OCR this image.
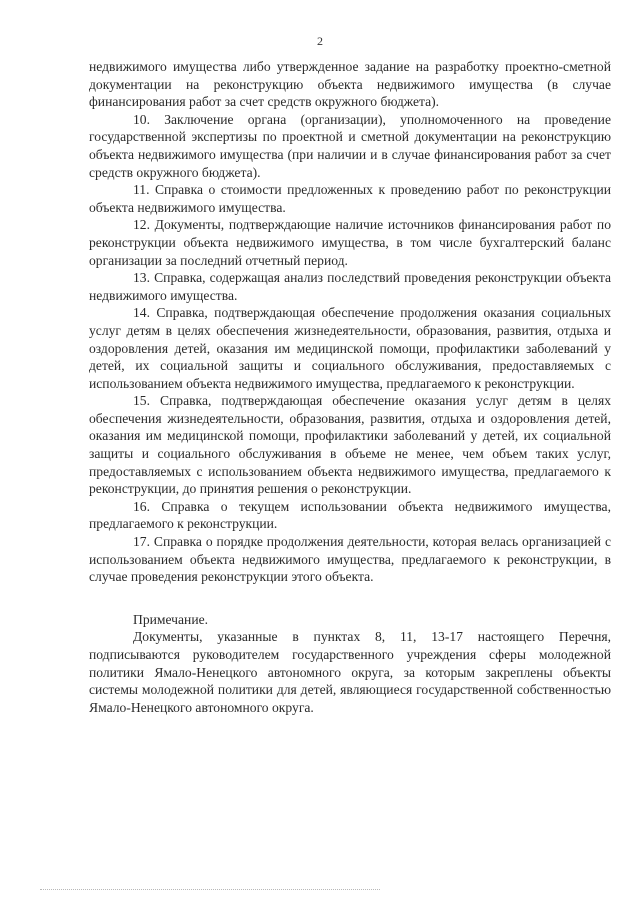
2

недвижимого имущества либо утвержденное задание на разработку проектно-сметной документации на реконструкцию объекта недвижимого имущества (в случае финансирования работ за счет средств окружного бюджета).

10. Заключение органа (организации), уполномоченного на проведение государственной экспертизы по проектной и сметной документации на реконструкцию объекта недвижимого имущества (при наличии и в случае финансирования работ за счет средств окружного бюджета).

11. Справка о стоимости предложенных к проведению работ по реконструкции объекта недвижимого имущества.

12. Документы, подтверждающие наличие источников финансирования работ по реконструкции объекта недвижимого имущества, в том числе бухгалтерский баланс организации за последний отчетный период.

13. Справка, содержащая анализ последствий проведения реконструкции объекта недвижимого имущества.

14. Справка, подтверждающая обеспечение продолжения оказания социальных услуг детям в целях обеспечения жизнедеятельности, образования, развития, отдыха и оздоровления детей, оказания им медицинской помощи, профилактики заболеваний у детей, их социальной защиты и социального обслуживания, предоставляемых с использованием объекта недвижимого имущества, предлагаемого к реконструкции.

15. Справка, подтверждающая обеспечение оказания услуг детям в целях обеспечения жизнедеятельности, образования, развития, отдыха и оздоровления детей, оказания им медицинской помощи, профилактики заболеваний у детей, их социальной защиты и социального обслуживания в объеме не менее, чем объем таких услуг, предоставляемых с использованием объекта недвижимого имущества, предлагаемого к реконструкции, до принятия решения о реконструкции.

16. Справка о текущем использовании объекта недвижимого имущества, предлагаемого к реконструкции.

17. Справка о порядке продолжения деятельности, которая велась организацией с использованием объекта недвижимого имущества, предлагаемого к реконструкции, в случае проведения реконструкции этого объекта.

Примечание.

Документы, указанные в пунктах 8, 11, 13-17 настоящего Перечня, подписываются руководителем государственного учреждения сферы молодежной политики Ямало-Ненецкого автономного округа, за которым закреплены объекты системы молодежной политики для детей, являющиеся государственной собственностью Ямало-Ненецкого автономного округа.
